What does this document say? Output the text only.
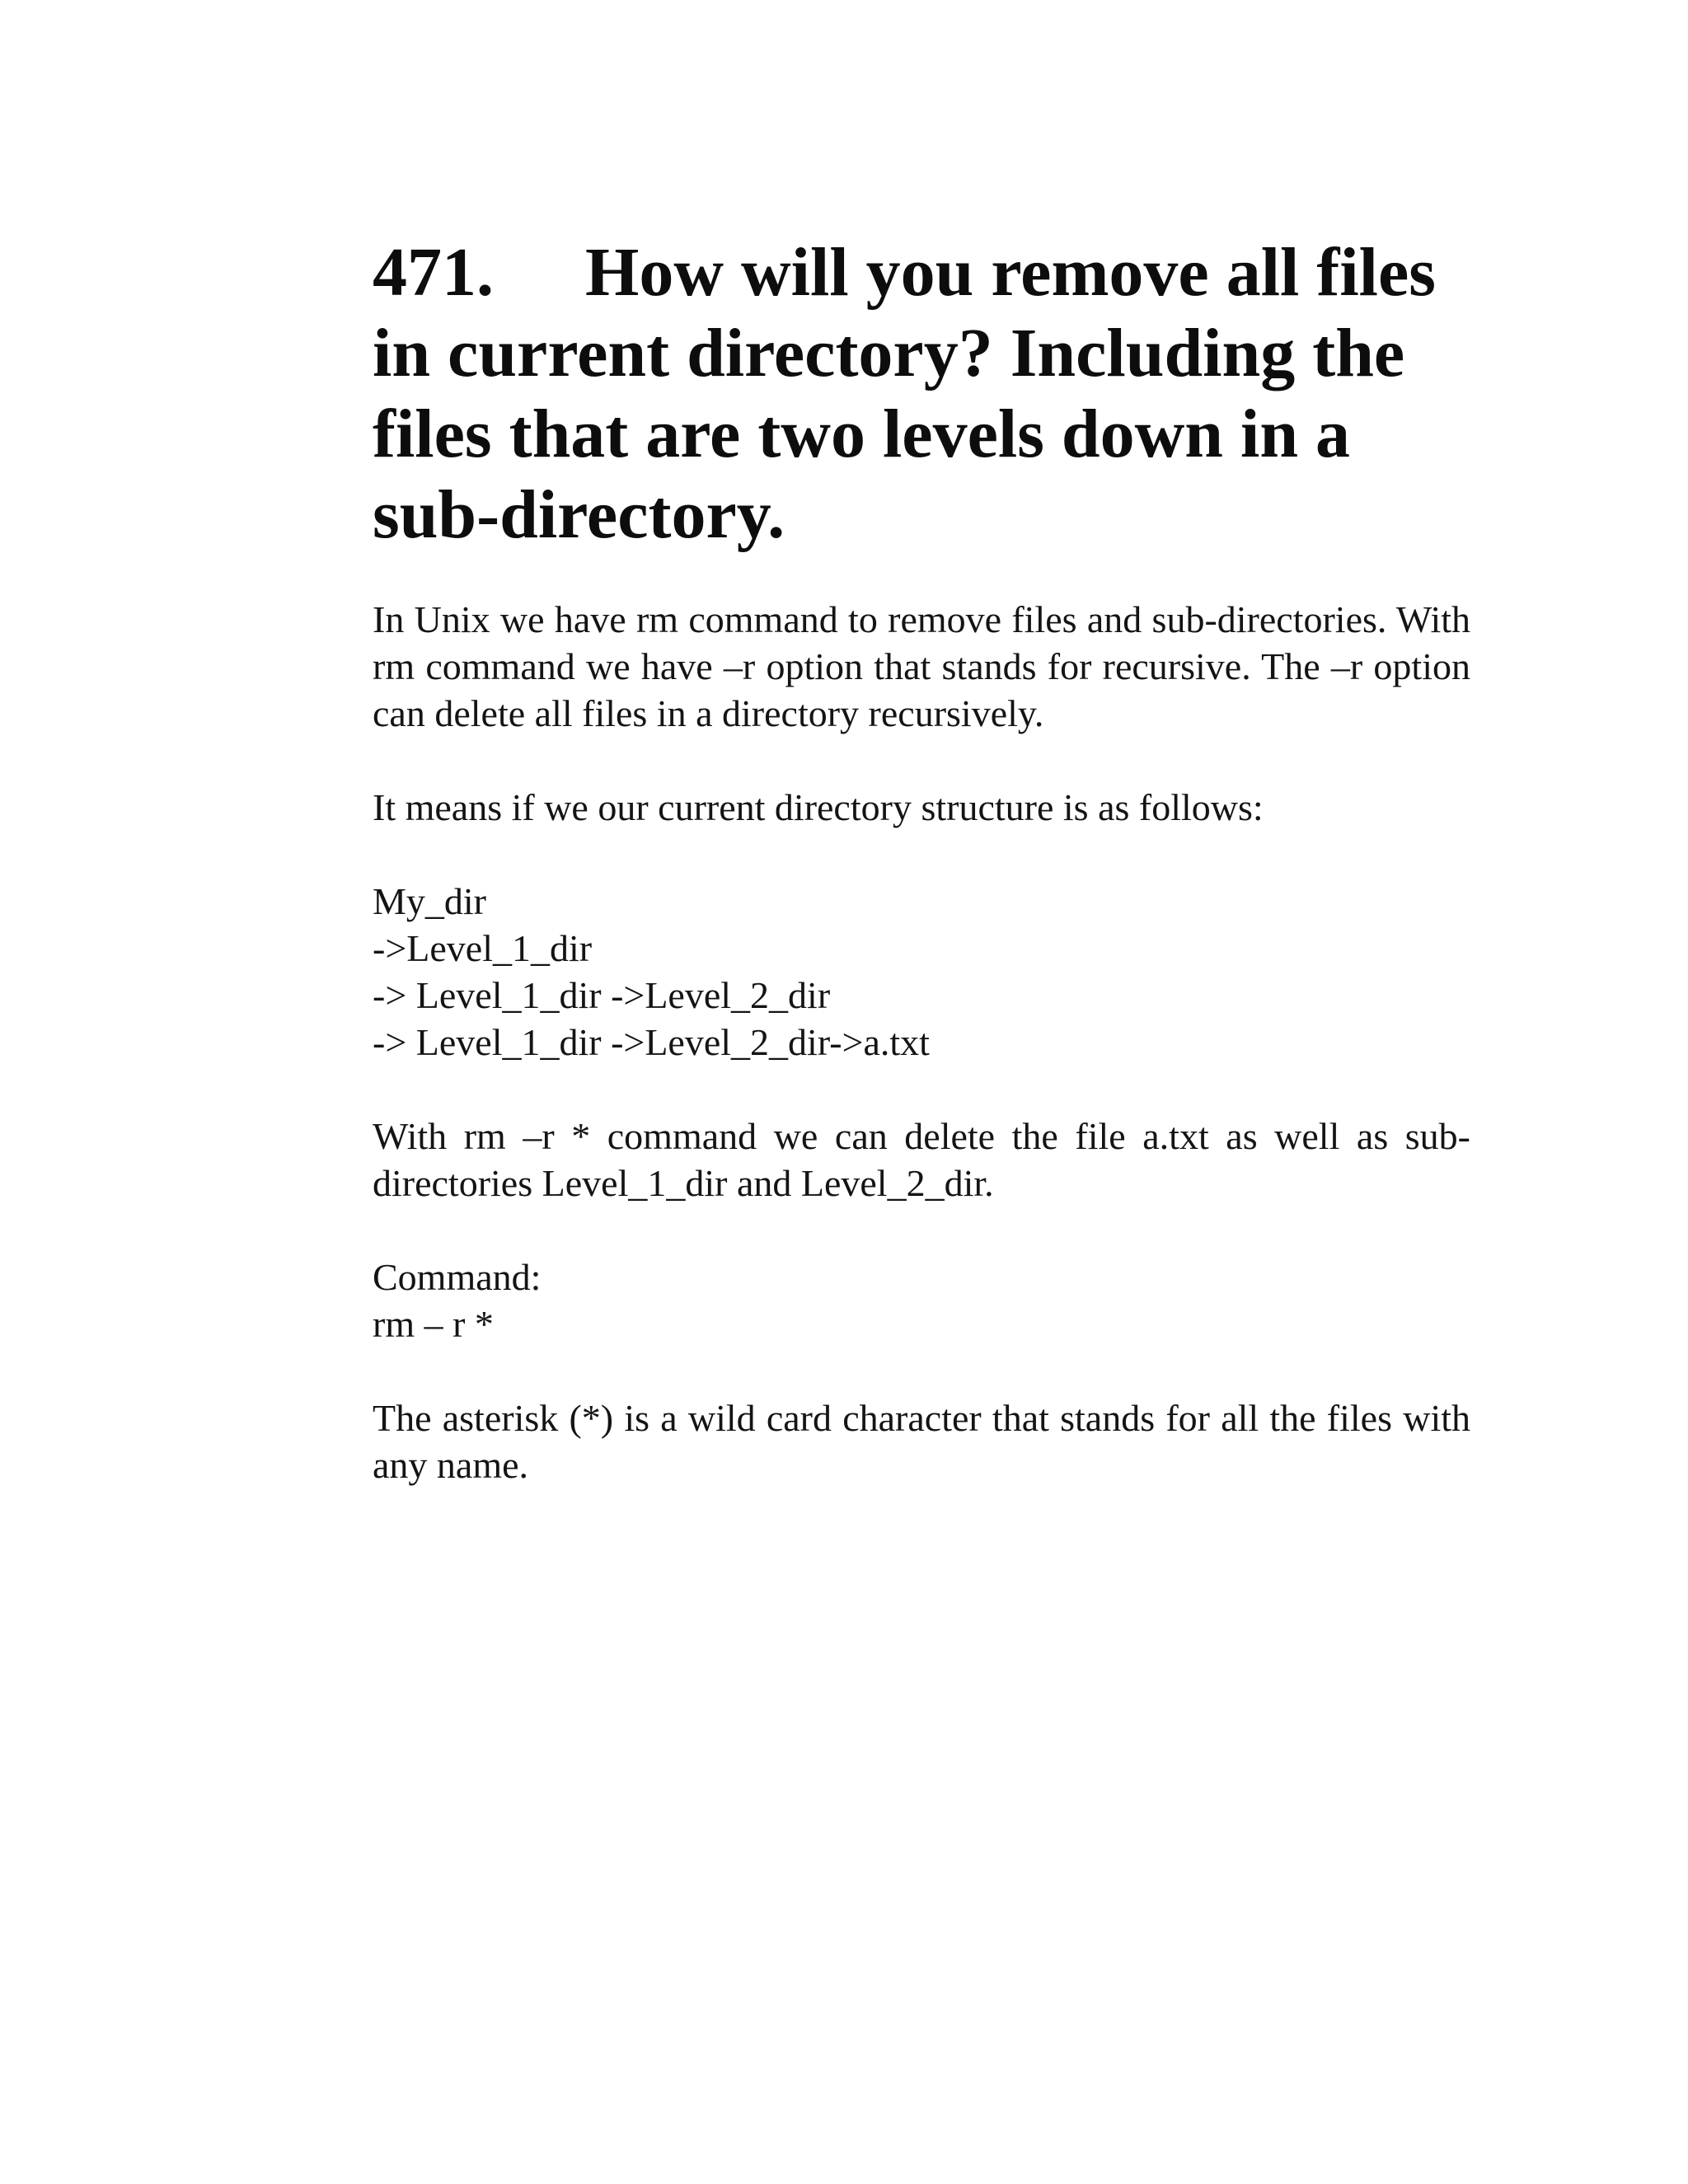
471. How will you remove all files in current directory? Including the files that are two levels down in a sub-directory.

In Unix we have rm command to remove files and sub-directories. With rm command we have –r option that stands for recursive. The –r option can delete all files in a directory recursively.

It means if we our current directory structure is as follows:

My_dir
->Level_1_dir
-> Level_1_dir ->Level_2_dir
-> Level_1_dir ->Level_2_dir->a.txt

With rm –r * command we can delete the file a.txt as well as sub-directories Level_1_dir and Level_2_dir.

Command:
rm – r *

The asterisk (*) is a wild card character that stands for all the files with any name.
